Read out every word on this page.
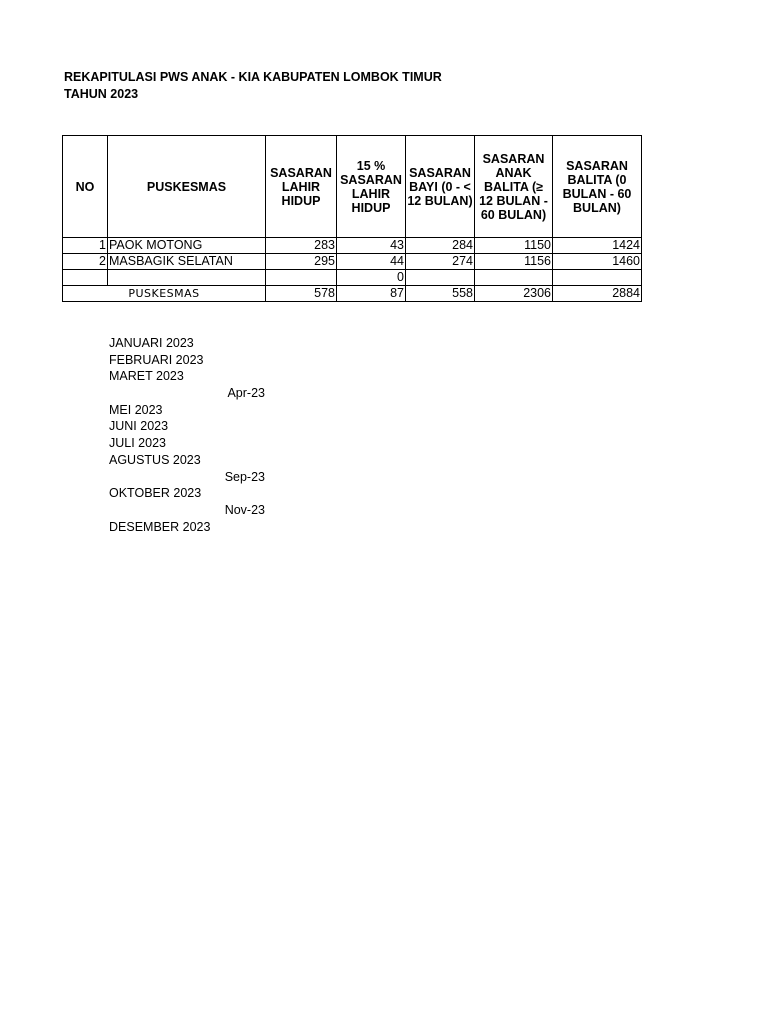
REKAPITULASI PWS ANAK - KIA KABUPATEN LOMBOK TIMUR
TAHUN 2023
NO	PUSKESMAS	SASARAN LAHIR HIDUP	15 % SASARAN LAHIR HIDUP	SASARAN BAYI (0 - < 12 BULAN)	SASARAN ANAK BALITA (≥ 12 BULAN - 60 BULAN)	SASARAN BALITA (0 BULAN - 60 BULAN)
1	PAOK MOTONG	283	43	284	1150	1424
2	MASBAGIK SELATAN	295	44	274	1156	1460
			0			
PUSKESMAS		578	87	558	2306	2884
JANUARI 2023
FEBRUARI 2023
MARET 2023
Apr-23
MEI 2023
JUNI 2023
JULI 2023
AGUSTUS 2023
Sep-23
OKTOBER 2023
Nov-23
DESEMBER 2023
